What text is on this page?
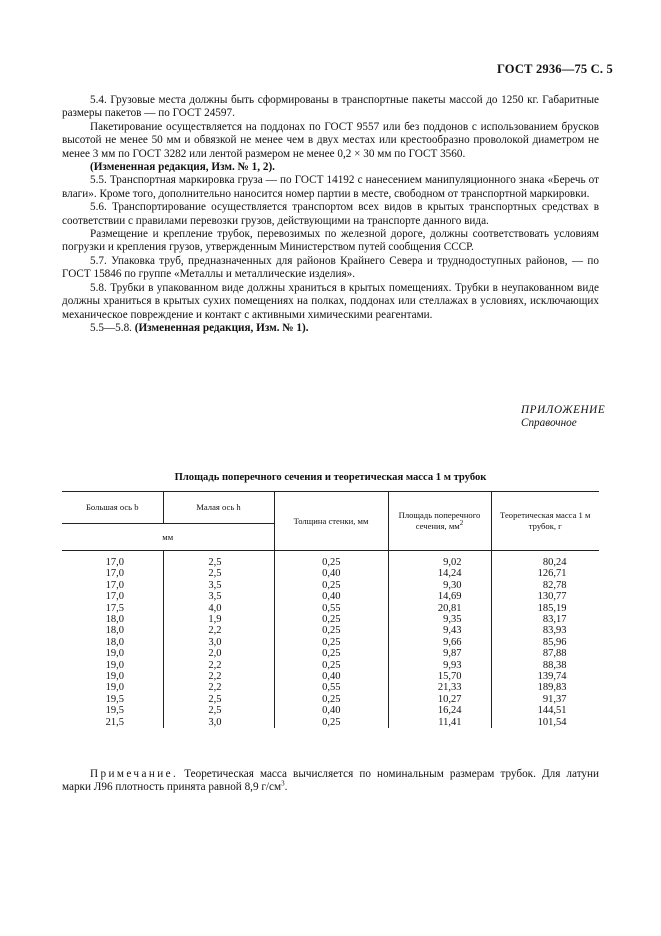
ГОСТ 2936—75 С. 5

5.4. Грузовые места должны быть сформированы в транспортные пакеты массой до 1250 кг. Габаритные размеры пакетов — по ГОСТ 24597.

Пакетирование осуществляется на поддонах по ГОСТ 9557 или без поддонов с использованием брусков высотой не менее 50 мм и обвязкой не менее чем в двух местах или крестообразно проволокой диаметром не менее 3 мм по ГОСТ 3282 или лентой размером не менее 0,2 × 30 мм по ГОСТ 3560.

(Измененная редакция, Изм. № 1, 2).

5.5. Транспортная маркировка груза — по ГОСТ 14192 с нанесением манипуляционного знака «Беречь от влаги». Кроме того, дополнительно наносится номер партии в месте, свободном от транспортной маркировки.

5.6. Транспортирование осуществляется транспортом всех видов в крытых транспортных средствах в соответствии с правилами перевозки грузов, действующими на транспорте данного вида.

Размещение и крепление трубок, перевозимых по железной дороге, должны соответствовать условиям погрузки и крепления грузов, утвержденным Министерством путей сообщения СССР.

5.7. Упаковка труб, предназначенных для районов Крайнего Севера и труднодоступных районов, — по ГОСТ 15846 по группе «Металлы и металлические изделия».

5.8. Трубки в упакованном виде должны храниться в крытых помещениях. Трубки в неупакованном виде должны храниться в крытых сухих помещениях на полках, поддонах или стеллажах в условиях, исключающих механическое повреждение и контакт с активными химическими реагентами.

5.5—5.8. (Измененная редакция, Изм. № 1).

ПРИЛОЖЕНИЕ
Справочное
Площадь поперечного сечения и теоретическая масса 1 м трубок
Большая ось b	Малая ось h	Толщина стенки, мм	Площадь поперечного сечения, $мм^2$	Теоретическая масса 1 м трубок, г
мм				
17,0	2,5	0,25	9,02	80,24
17,0	2,5	0,40	14,24	126,71
17,0	3,5	0,25	9,30	82,78
17,0	3,5	0,40	14,69	130,77
17,5	4,0	0,55	20,81	185,19
18,0	1,9	0,25	9,35	83,17
18,0	2,2	0,25	9,43	83,93
18,0	3,0	0,25	9,66	85,96
19,0	2,0	0,25	9,87	87,88
19,0	2,2	0,25	9,93	88,38
19,0	2,2	0,40	15,70	139,74
19,0	2,2	0,55	21,33	189,83
19,5	2,5	0,25	10,27	91,37
19,5	2,5	0,40	16,24	144,51
21,5	3,0	0,25	11,41	101,54

Примечание. Теоретическая масса вычисляется по номинальным размерам трубок. Для латуни марки Л96 плотность принята равной 8,9 $г/см^3$.
